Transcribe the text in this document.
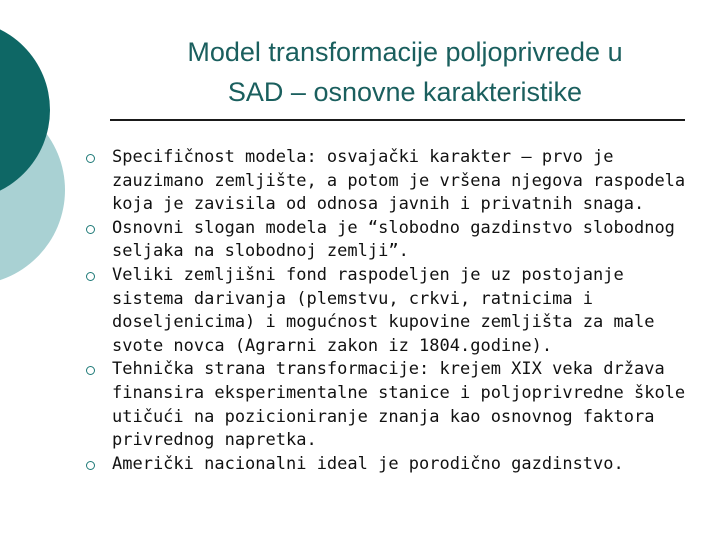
Model transformacije poljoprivrede u
SAD – osnovne karakteristike
Specifičnost modela: osvajački karakter – prvo je zauzimano zemljište, a potom je vršena njegova raspodela koja je zavisila od odnosa javnih i privatnih snaga.
Osnovni slogan modela je “slobodno gazdinstvo slobodnog seljaka na slobodnoj zemlji”.
Veliki zemljišni fond raspodeljen je uz postojanje sistema darivanja (plemstvu, crkvi, ratnicima i doseljenicima) i mogućnost kupovine zemljišta za male svote novca (Agrarni zakon iz 1804.godine).
Tehnička strana transformacije: krejem XIX veka država finansira eksperimentalne stanice i poljoprivredne škole utičući na pozicioniranje znanja kao osnovnog faktora privrednog napretka.
Američki nacionalni ideal je porodično gazdinstvo.
